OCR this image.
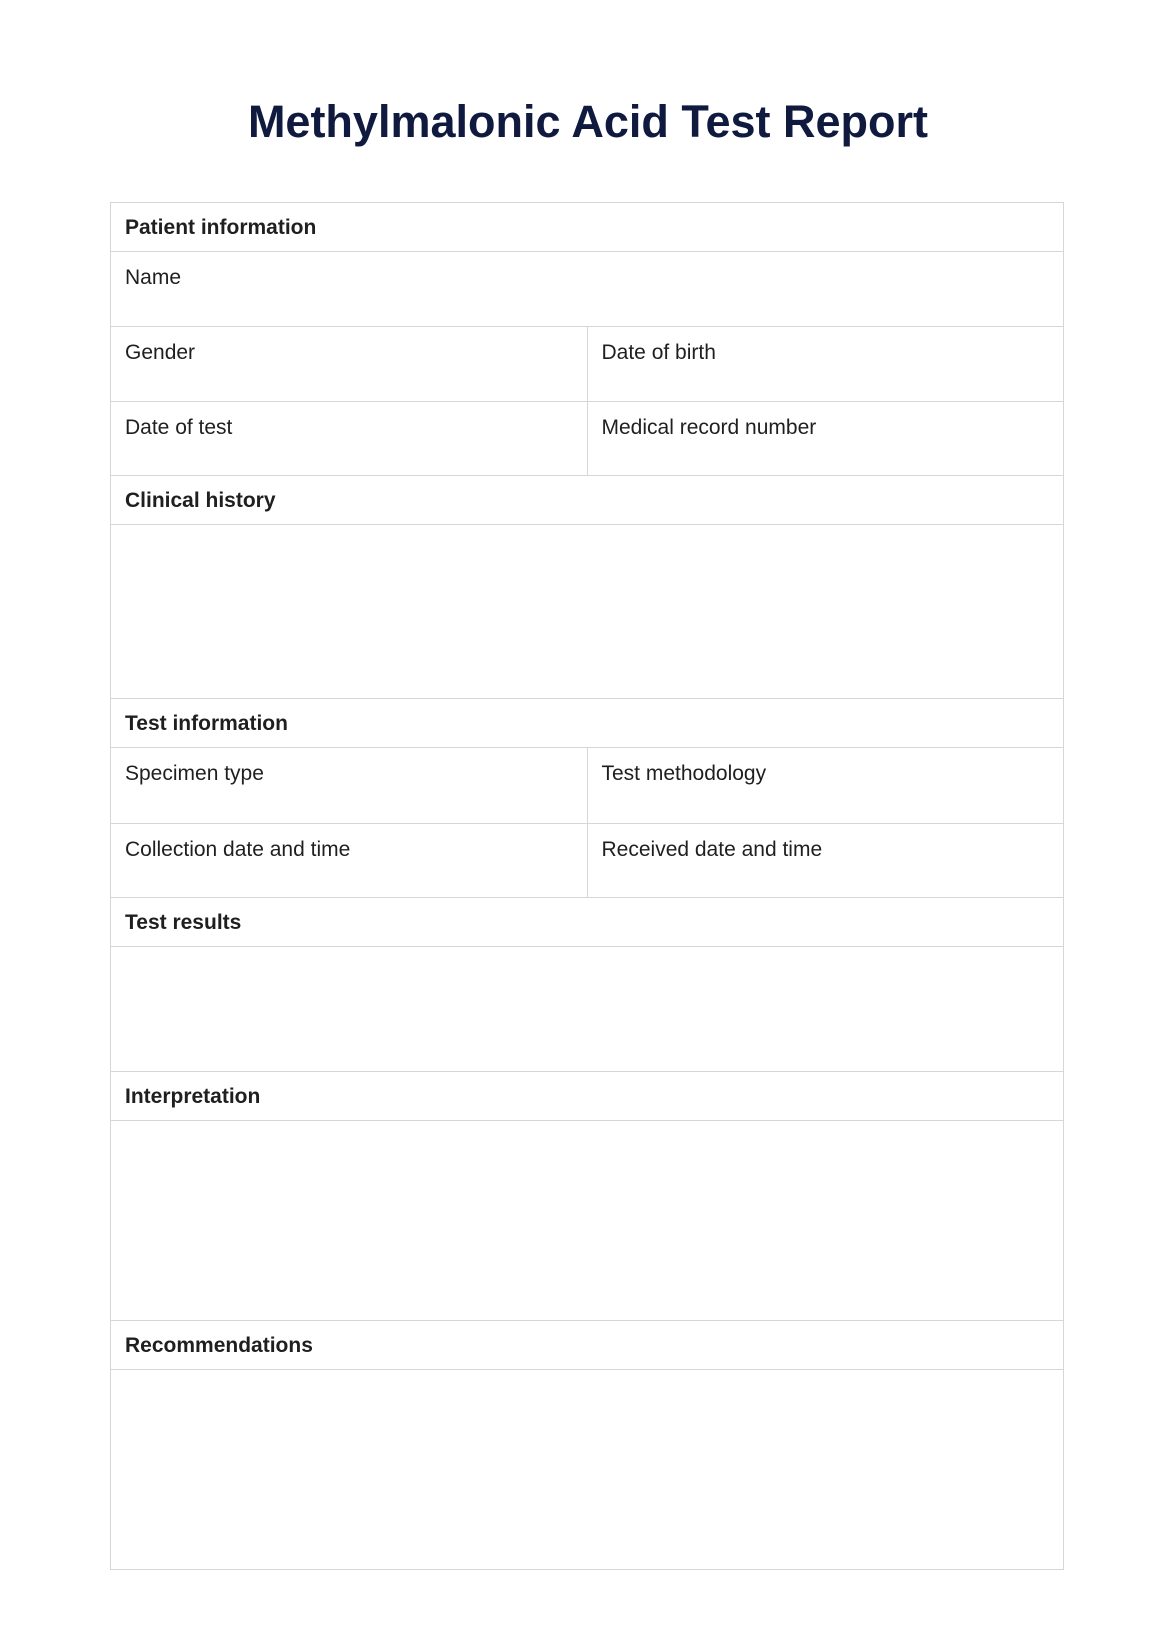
Methylmalonic Acid Test Report
Patient information	
Name	
Gender	Date of birth
Date of test	Medical record number
Clinical history	

Test information	
Specimen type	Test methodology
Collection date and time	Received date and time
Test results	

Interpretation	

Recommendations	
